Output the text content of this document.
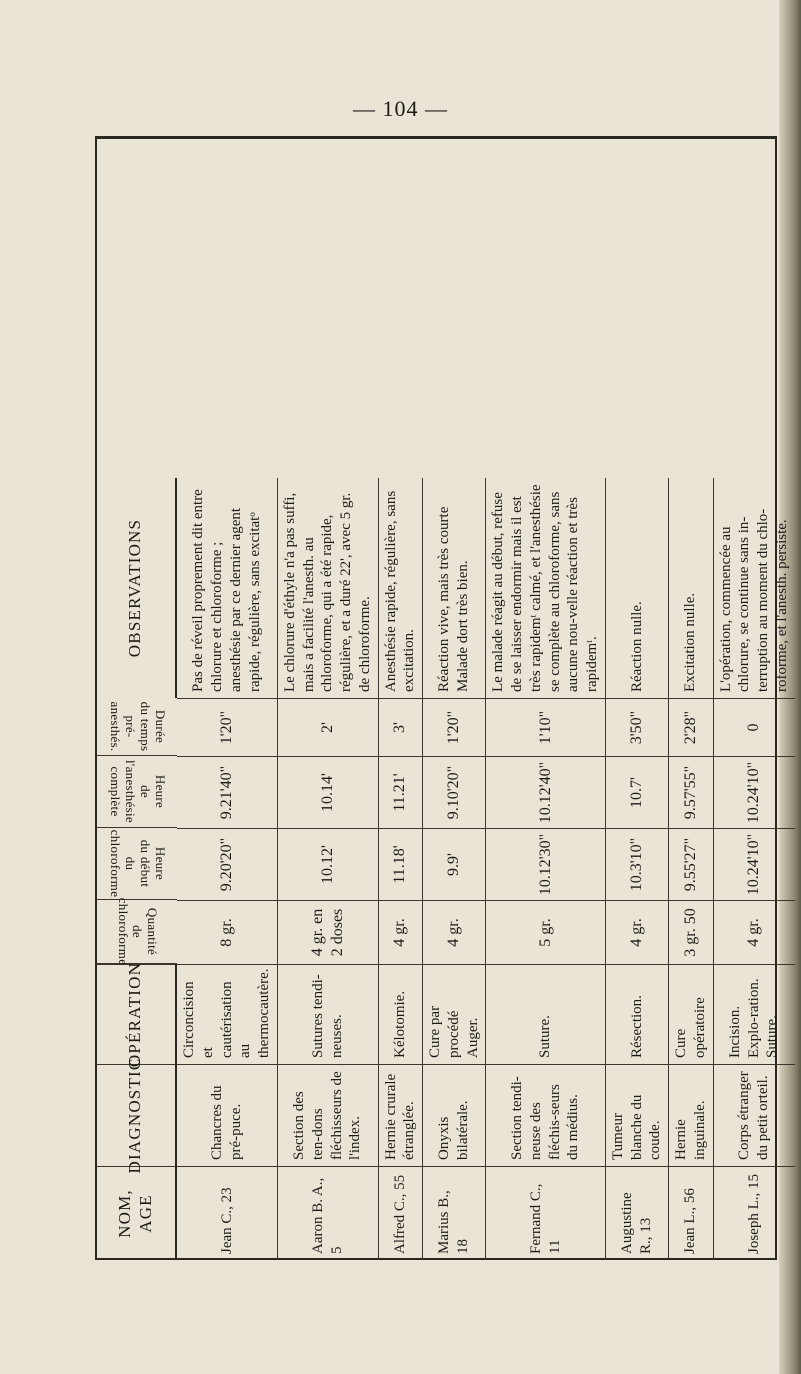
— 104 —
NOM, AGE
DIAGNOSTIC
OPÉRATION
Quantité
de
chloroforme
Heure
du début
du chloroforme
Heure
de l'anesthésie
complète
Durée
du temps
pré-anesthés.
OBSERVATIONS
Jean C., 23
Chancres du pré-puce.
Circoncision et cautérisation au thermocautère.
8 gr.
9.20'20"
9.21'40"
1'20"
Pas de réveil proprement dit entre chlorure et chloroforme ; anesthésie par ce dernier agent rapide, régulière, sans excitatᵒ
Aaron B. A., 5
Section des ten-dons fléchisseurs de l'index.
Sutures tendi-neuses.
4 gr. en 2 doses
10.12'
10.14'
2'
Le chlorure d'éthyle n'a pas suffi, mais a facilité l'anesth. au chloroforme, qui a été rapide, régulière, et a duré 22', avec 5 gr. de chloroforme.
Alfred C., 55
Hernie crurale étranglée.
Kélotomie.
4 gr.
11.18'
11.21'
3'
Anesthésie rapide, régulière, sans excitation.
Marius B., 18
Onyxis bilatérale.
Cure par procédé Auger.
4 gr.
9.9'
9.10'20"
1'20"
Réaction vive, mais très courte Malade dort très bien.
Fernand C., 11
Section tendi-neuse des fléchis-seurs du médius.
Suture.
5 gr.
10.12'30"
10.12'40"
1'10"
Le malade réagit au début, refuse de se laisser endormir mais il est très rapidemᵗ calmé, et l'anesthésie se complète au chloroforme, sans aucune nou-velle réaction et très rapidemᵗ.
Augustine R., 13
Tumeur blanche du coude.
Résection.
4 gr.
10.3'10"
10.7'
3'50"
Réaction nulle.
Jean L., 56
Hernie inguinale.
Cure opératoire
3 gr. 50
9.55'27"
9.57'55"
2'28"
Excitation nulle.
Joseph L., 15
Corps étranger du petit orteil.
Incision. Explo-ration. Suture.
4 gr.
10.24'10"
10.24'10"
0
L'opération, commencée au chlorure, se continue sans in-terruption au moment du chlo-roforme, et l'anesth. persiste.
